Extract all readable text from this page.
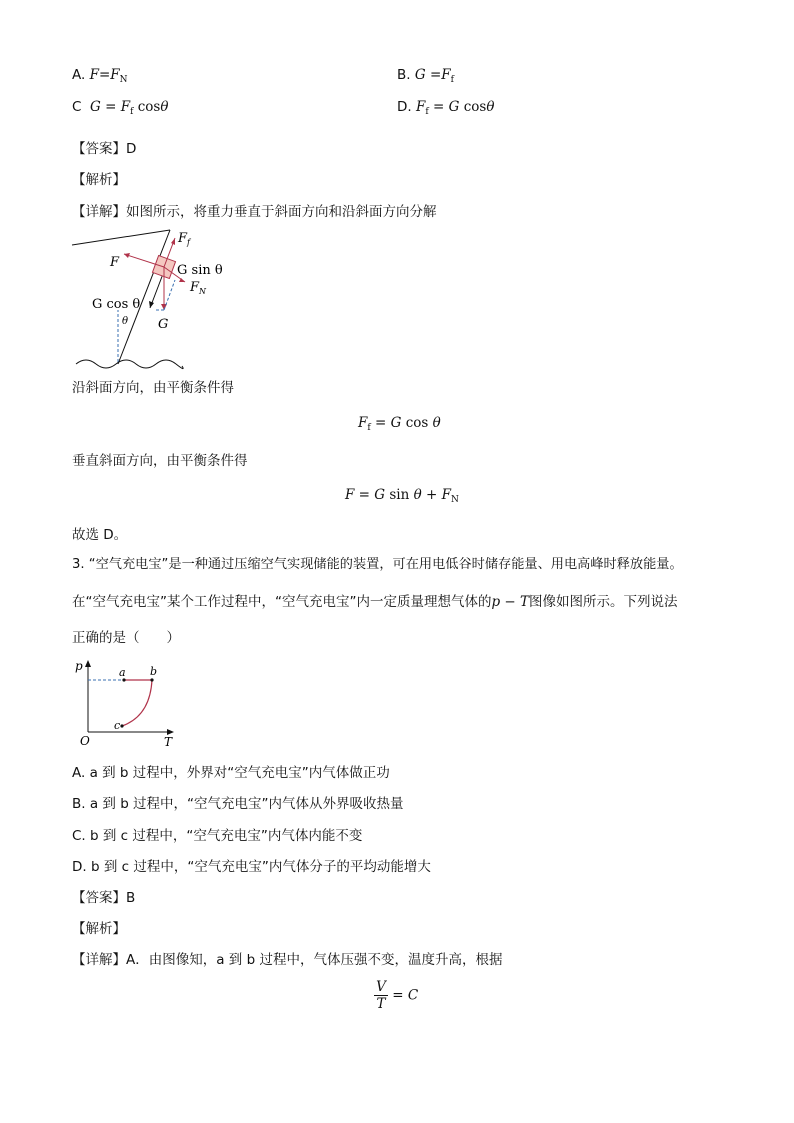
A. $F=F_N$	B. $G =F_f$
C $G = F_f$ cosθ	D. $F_f = G$ cosθ
【答案】D
【解析】
【详解】如图所示，将重力垂直于斜面方向和沿斜面方向分解
$F_f$
F
G sin θ
$F_N$
G cos θ
θ G
沿斜面方向，由平衡条件得
$F_f = G$ cos θ
垂直斜面方向，由平衡条件得
F = G $\sin \theta + F_N$
故选 D。
3. “空气充电宝”是一种通过压缩空气实现储能的装置，可在用电低谷时储存能量、用电高峰时释放能量。
在“空气充电宝”某个工作过程中，“空气充电宝”内一定质量理想气体的p − T图像如图所示。下列说法
正确的是（　　）
p
T
O
a b
c
A. a 到 b 过程中，外界对“空气充电宝”内气体做正功
B. a 到 b 过程中，“空气充电宝”内气体从外界吸收热量
C. b 到 c 过程中，“空气充电宝”内气体内能不变
D. b 到 c 过程中，“空气充电宝”内气体分子的平均动能增大
【答案】B
【解析】
【详解】A．由图像知，a 到 b 过程中，气体压强不变，温度升高，根据
$\frac{V}{T} = C$
